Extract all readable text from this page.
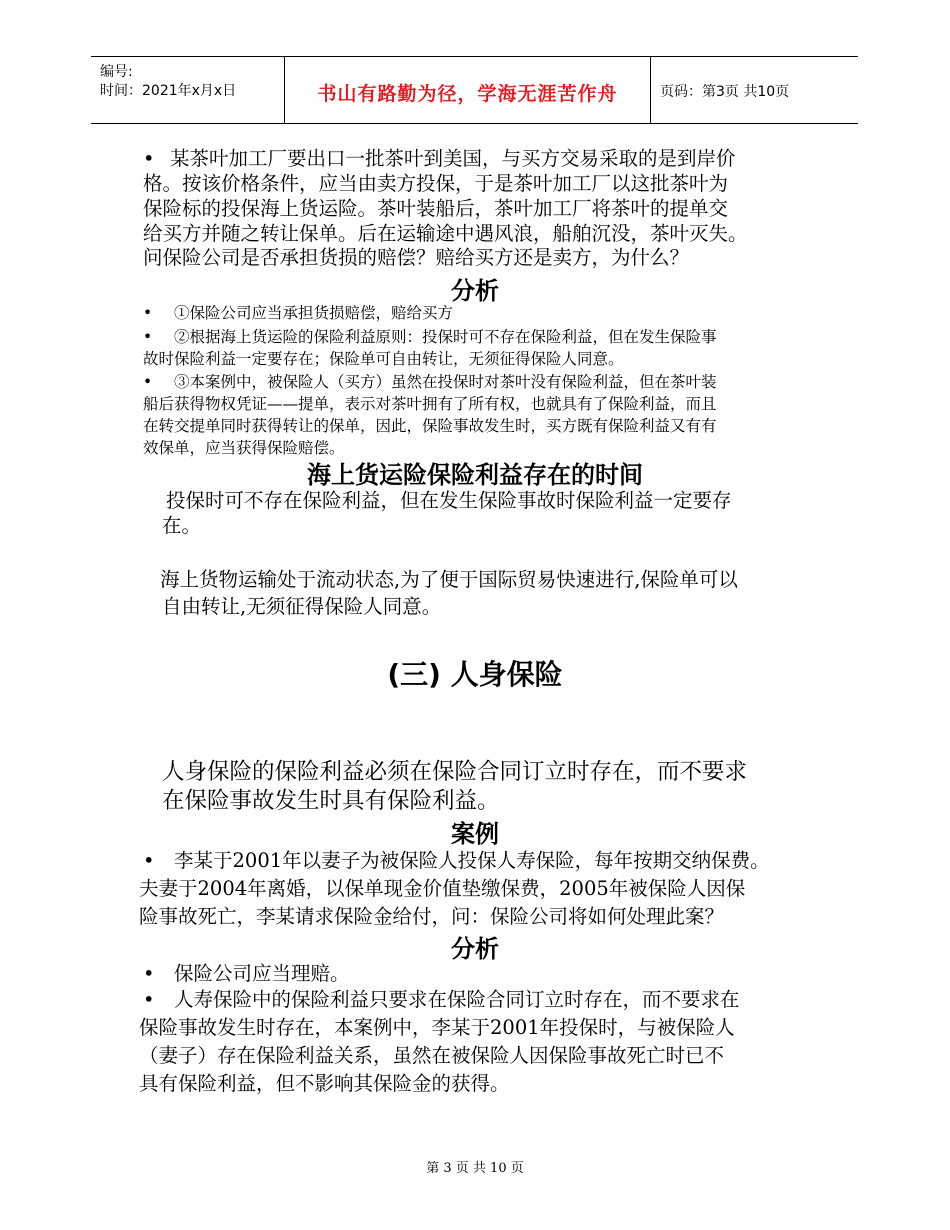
编号:
时间：2021年x月x日	书山有路勤为径，学海无涯苦作舟	页码：第3页 共10页
• 某茶叶加工厂要出口一批茶叶到美国，与买方交易采取的是到岸价
格。按该价格条件，应当由卖方投保，于是茶叶加工厂以这批茶叶为
保险标的投保海上货运险。茶叶装船后，茶叶加工厂将茶叶的提单交
给买方并随之转让保单。后在运输途中遇风浪，船舶沉没，茶叶灭失。
问保险公司是否承担货损的赔偿？赔给买方还是卖方，为什么？
分析
• ①保险公司应当承担货损赔偿，赔给买方
• ②根据海上货运险的保险利益原则：投保时可不存在保险利益，但在发生保险事
故时保险利益一定要存在；保险单可自由转让，无须征得保险人同意。
• ③本案例中，被保险人（买方）虽然在投保时对茶叶没有保险利益，但在茶叶装
船后获得物权凭证——提单，表示对茶叶拥有了所有权，也就具有了保险利益，而且
在转交提单同时获得转让的保单，因此，保险事故发生时，买方既有保险利益又有有
效保单，应当获得保险赔偿。
海上货运险保险利益存在的时间
投保时可不存在保险利益，但在发生保险事故时保险利益一定要存
在。
海上货物运输处于流动状态,为了便于国际贸易快速进行,保险单可以
自由转让,无须征得保险人同意。
(三) 人身保险
人身保险的保险利益必须在保险合同订立时存在，而不要求
在保险事故发生时具有保险利益。
案例
• 李某于2001年以妻子为被保险人投保人寿保险，每年按期交纳保费。
夫妻于2004年离婚，以保单现金价值垫缴保费，2005年被保险人因保
险事故死亡，李某请求保险金给付，问：保险公司将如何处理此案？
分析
• 保险公司应当理赔。
• 人寿保险中的保险利益只要求在保险合同订立时存在，而不要求在
保险事故发生时存在，本案例中，李某于2001年投保时，与被保险人
（妻子）存在保险利益关系，虽然在被保险人因保险事故死亡时已不
具有保险利益，但不影响其保险金的获得。
第 3 页 共 10 页
